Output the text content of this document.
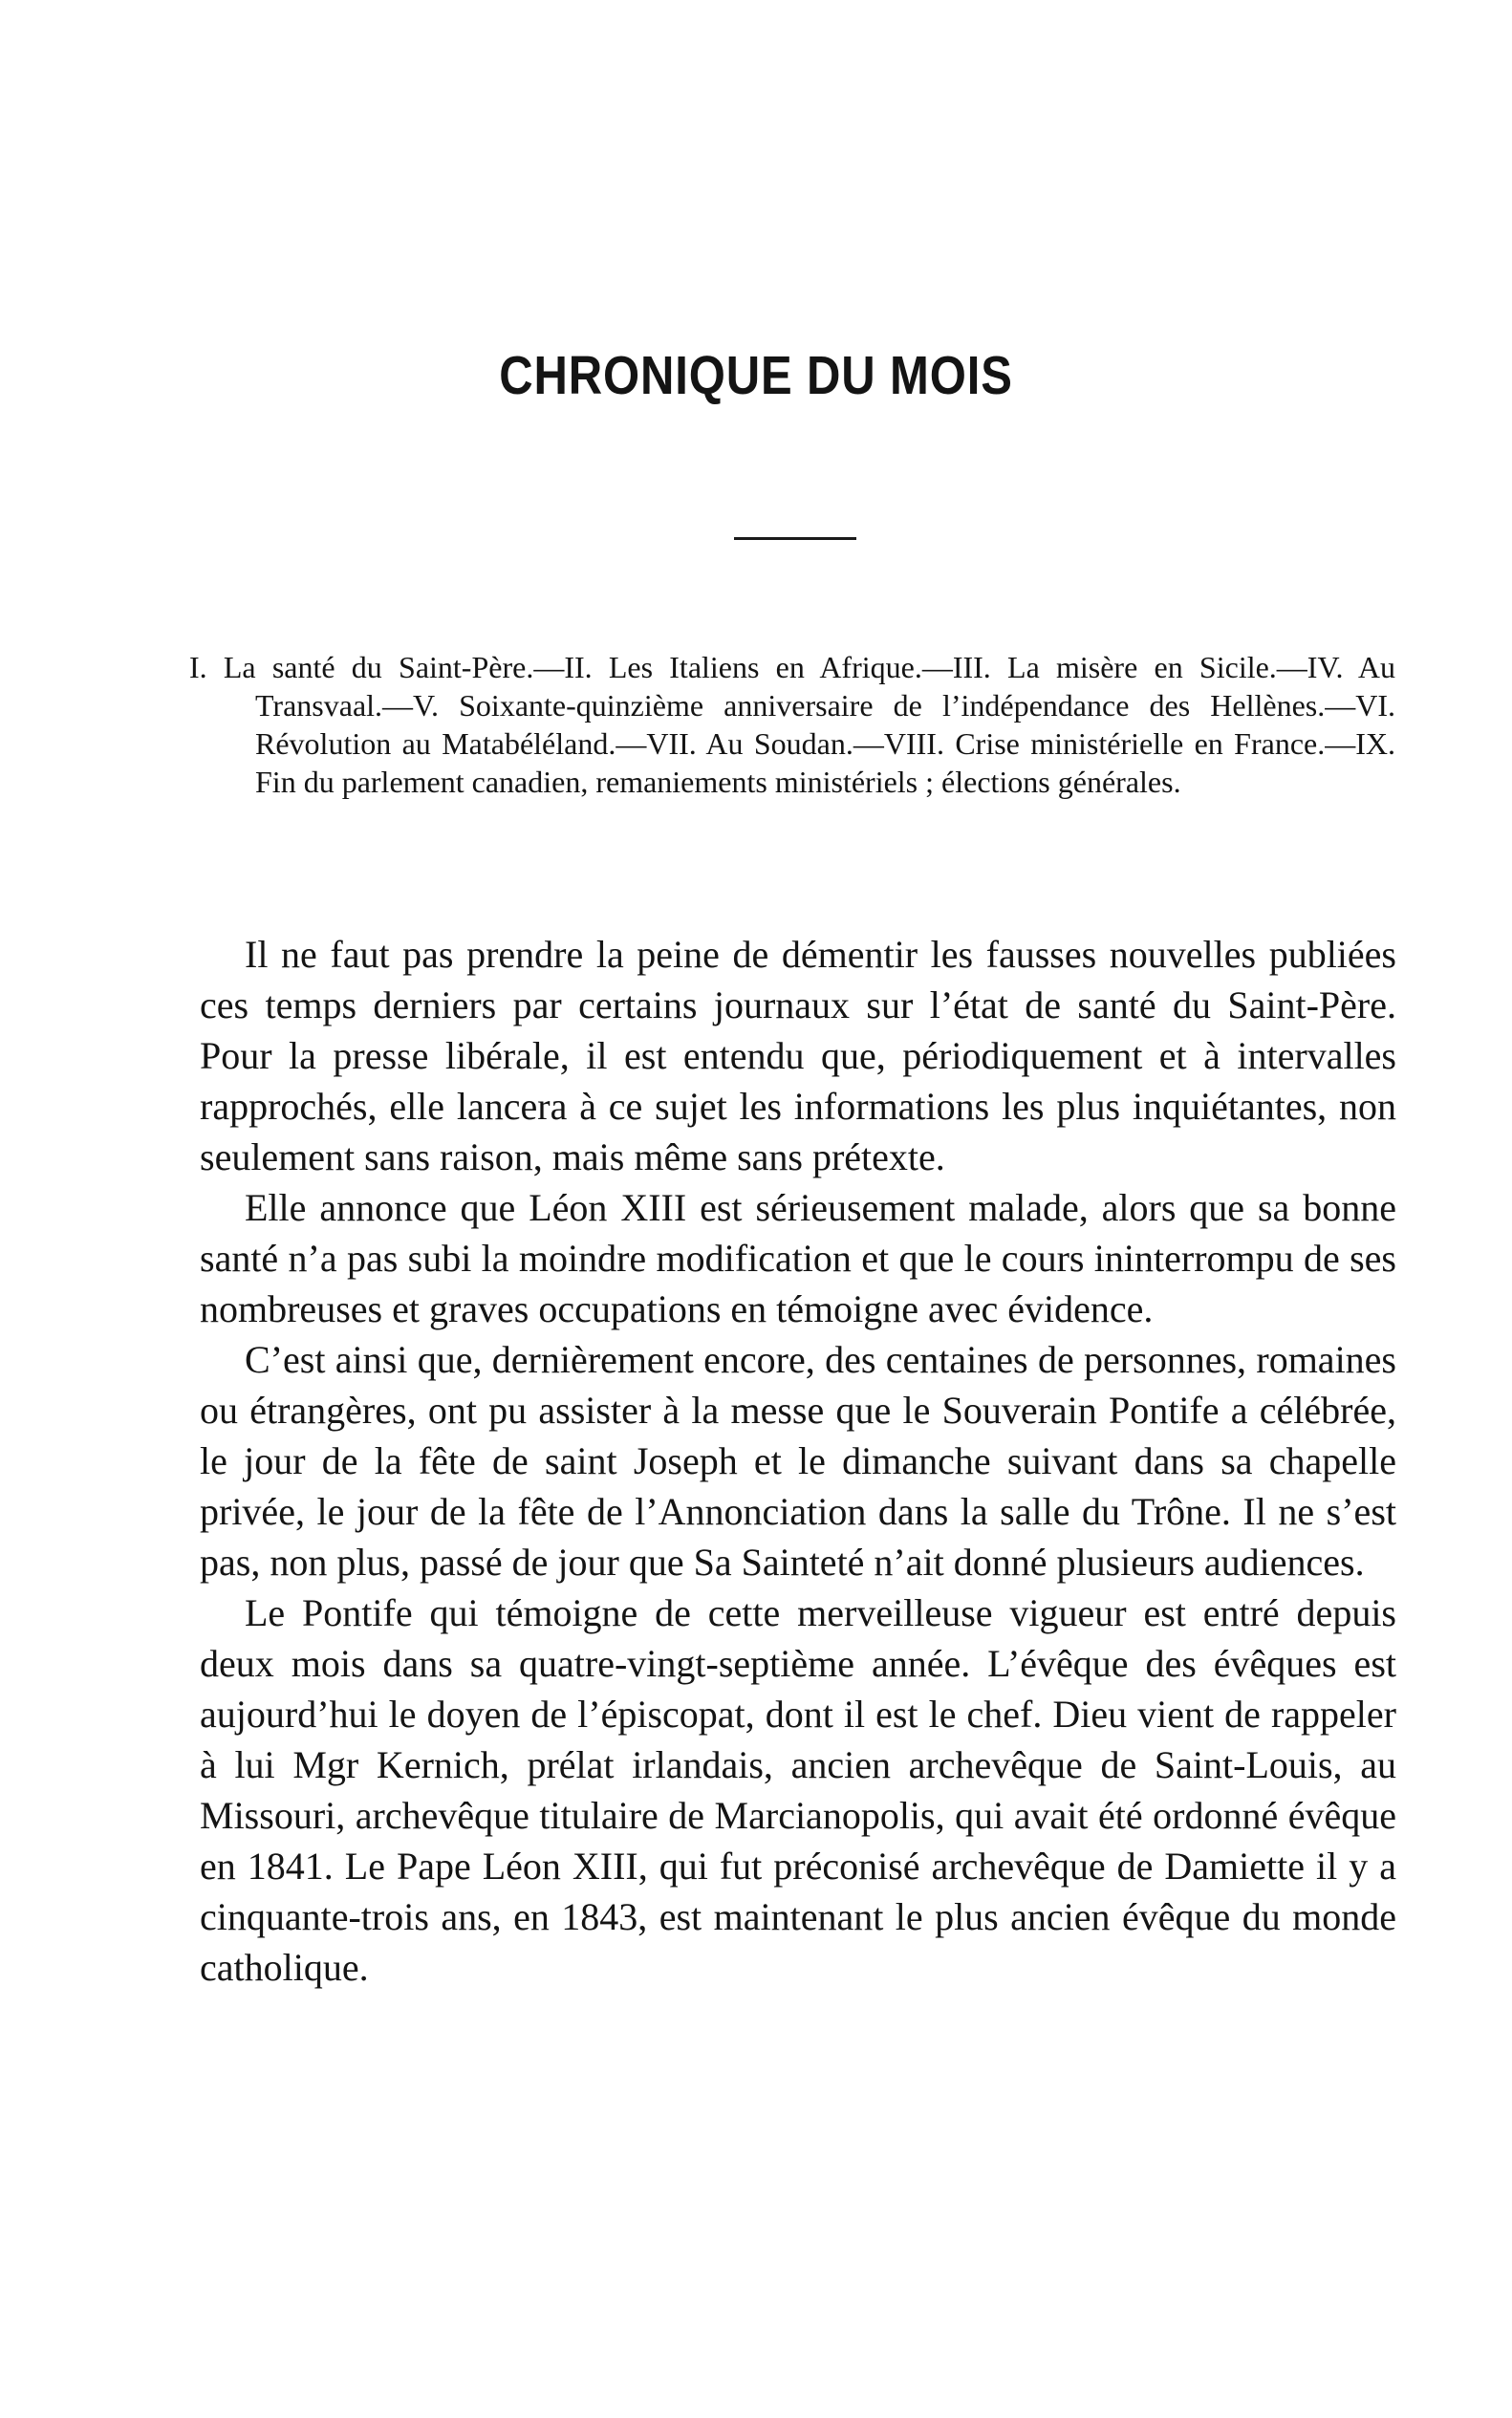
CHRONIQUE DU MOIS

I. La santé du Saint-Père.—II. Les Italiens en Afrique.—III. La misère en Sicile.—IV. Au Transvaal.—V. Soixante-quinzième anniversaire de l’indépendance des Hellènes.—VI. Révolution au Matabéléland.—VII. Au Soudan.—VIII. Crise ministérielle en France.—IX. Fin du parlement canadien, remaniements ministériels ; élections générales.

Il ne faut pas prendre la peine de démentir les fausses nouvelles publiées ces temps derniers par certains journaux sur l’état de santé du Saint-Père. Pour la presse libérale, il est entendu que, périodiquement et à intervalles rapprochés, elle lancera à ce sujet les informations les plus inquiétantes, non seulement sans raison, mais même sans prétexte.

Elle annonce que Léon XIII est sérieusement malade, alors que sa bonne santé n’a pas subi la moindre modification et que le cours ininterrompu de ses nombreuses et graves occupations en témoigne avec évidence.

C’est ainsi que, dernièrement encore, des centaines de personnes, romaines ou étrangères, ont pu assister à la messe que le Souverain Pontife a célébrée, le jour de la fête de saint Joseph et le dimanche suivant dans sa chapelle privée, le jour de la fête de l’Annonciation dans la salle du Trône. Il ne s’est pas, non plus, passé de jour que Sa Sainteté n’ait donné plusieurs audiences.

Le Pontife qui témoigne de cette merveilleuse vigueur est entré depuis deux mois dans sa quatre-vingt-septième année. L’évêque des évêques est aujourd’hui le doyen de l’épiscopat, dont il est le chef. Dieu vient de rappeler à lui Mgr Kernich, prélat irlandais, ancien archevêque de Saint-Louis, au Missouri, archevêque titulaire de Marcianopolis, qui avait été ordonné évêque en 1841. Le Pape Léon XIII, qui fut préconisé archevêque de Damiette il y a cinquante-trois ans, en 1843, est maintenant le plus ancien évêque du monde catholique.
